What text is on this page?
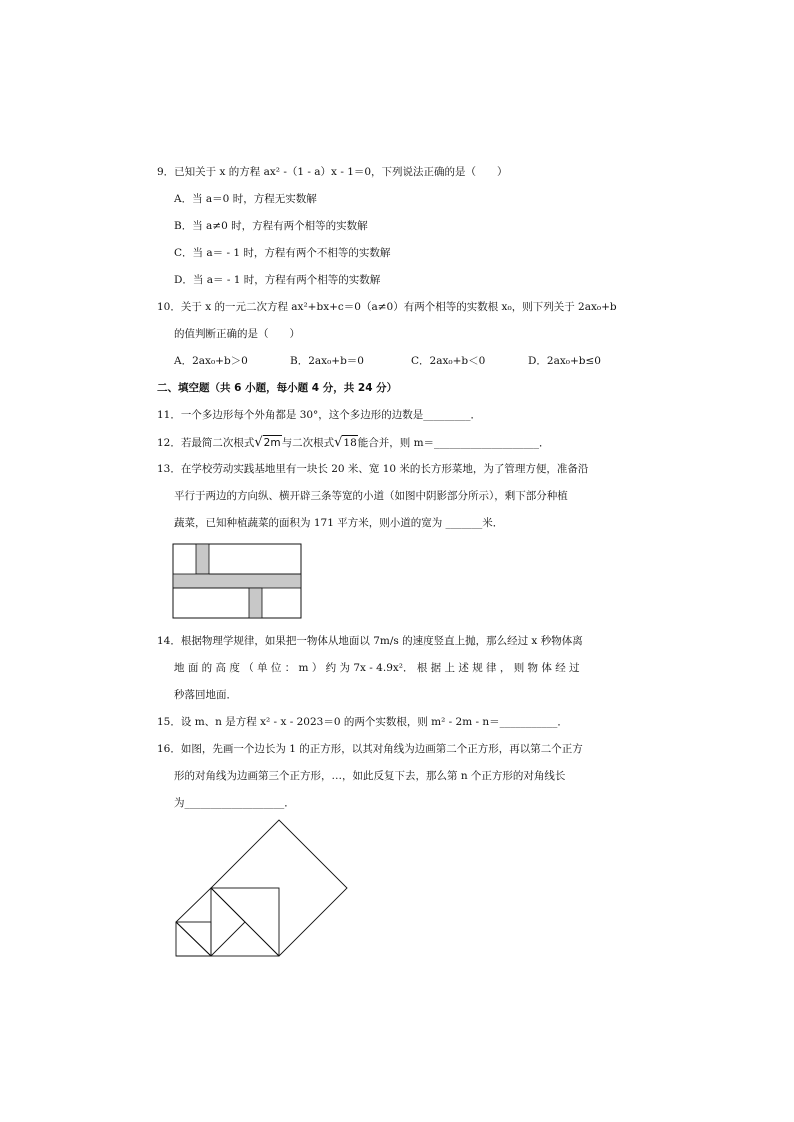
9．已知关于 x 的方程 ax² -（1 - a）x - 1＝0，下列说法正确的是（　　）
A．当 a＝0 时，方程无实数解
B．当 a≠0 时，方程有两个相等的实数解
C．当 a＝ - 1 时，方程有两个不相等的实数解
D．当 a＝ - 1 时，方程有两个相等的实数解
10．关于 x 的一元二次方程 ax²+bx+c＝0（a≠0）有两个相等的实数根 x₀，则下列关于 2ax₀+b
的值判断正确的是（　　）
A．2ax₀+b＞0	B．2ax₀+b＝0	C．2ax₀+b＜0	D．2ax₀+b≤0
二、填空题（共 6 小题，每小题 4 分，共 24 分）
11．一个多边形每个外角都是 30°，这个多边形的边数是_________．
12．若最简二次根式 √ 2m 与二次根式 √ 18 能合并，则 m＝____________________．
13．在学校劳动实践基地里有一块长 20 米、宽 10 米的长方形菜地，为了管理方便，准备沿
平行于两边的方向纵、横开辟三条等宽的小道（如图中阴影部分所示），剩下部分种植
蔬菜，已知种植蔬菜的面积为 171 平方米，则小道的宽为 _______米．
14．根据物理学规律，如果把一物体从地面以 7m/s 的速度竖直上抛，那么经过 x 秒物体离
地 面 的 高 度 （ 单 位 ： m ） 约 为 7x - 4.9x²． 根 据 上 述 规 律 ， 则 物 体 经 过
秒落回地面．
15．设 m、n 是方程 x² - x - 2023＝0 的两个实数根，则 m² - 2m - n＝___________．
16．如图，先画一个边长为 1 的正方形，以其对角线为边画第二个正方形，再以第二个正方
形的对角线为边画第三个正方形，…，如此反复下去，那么第 n 个正方形的对角线长
为___________________．
